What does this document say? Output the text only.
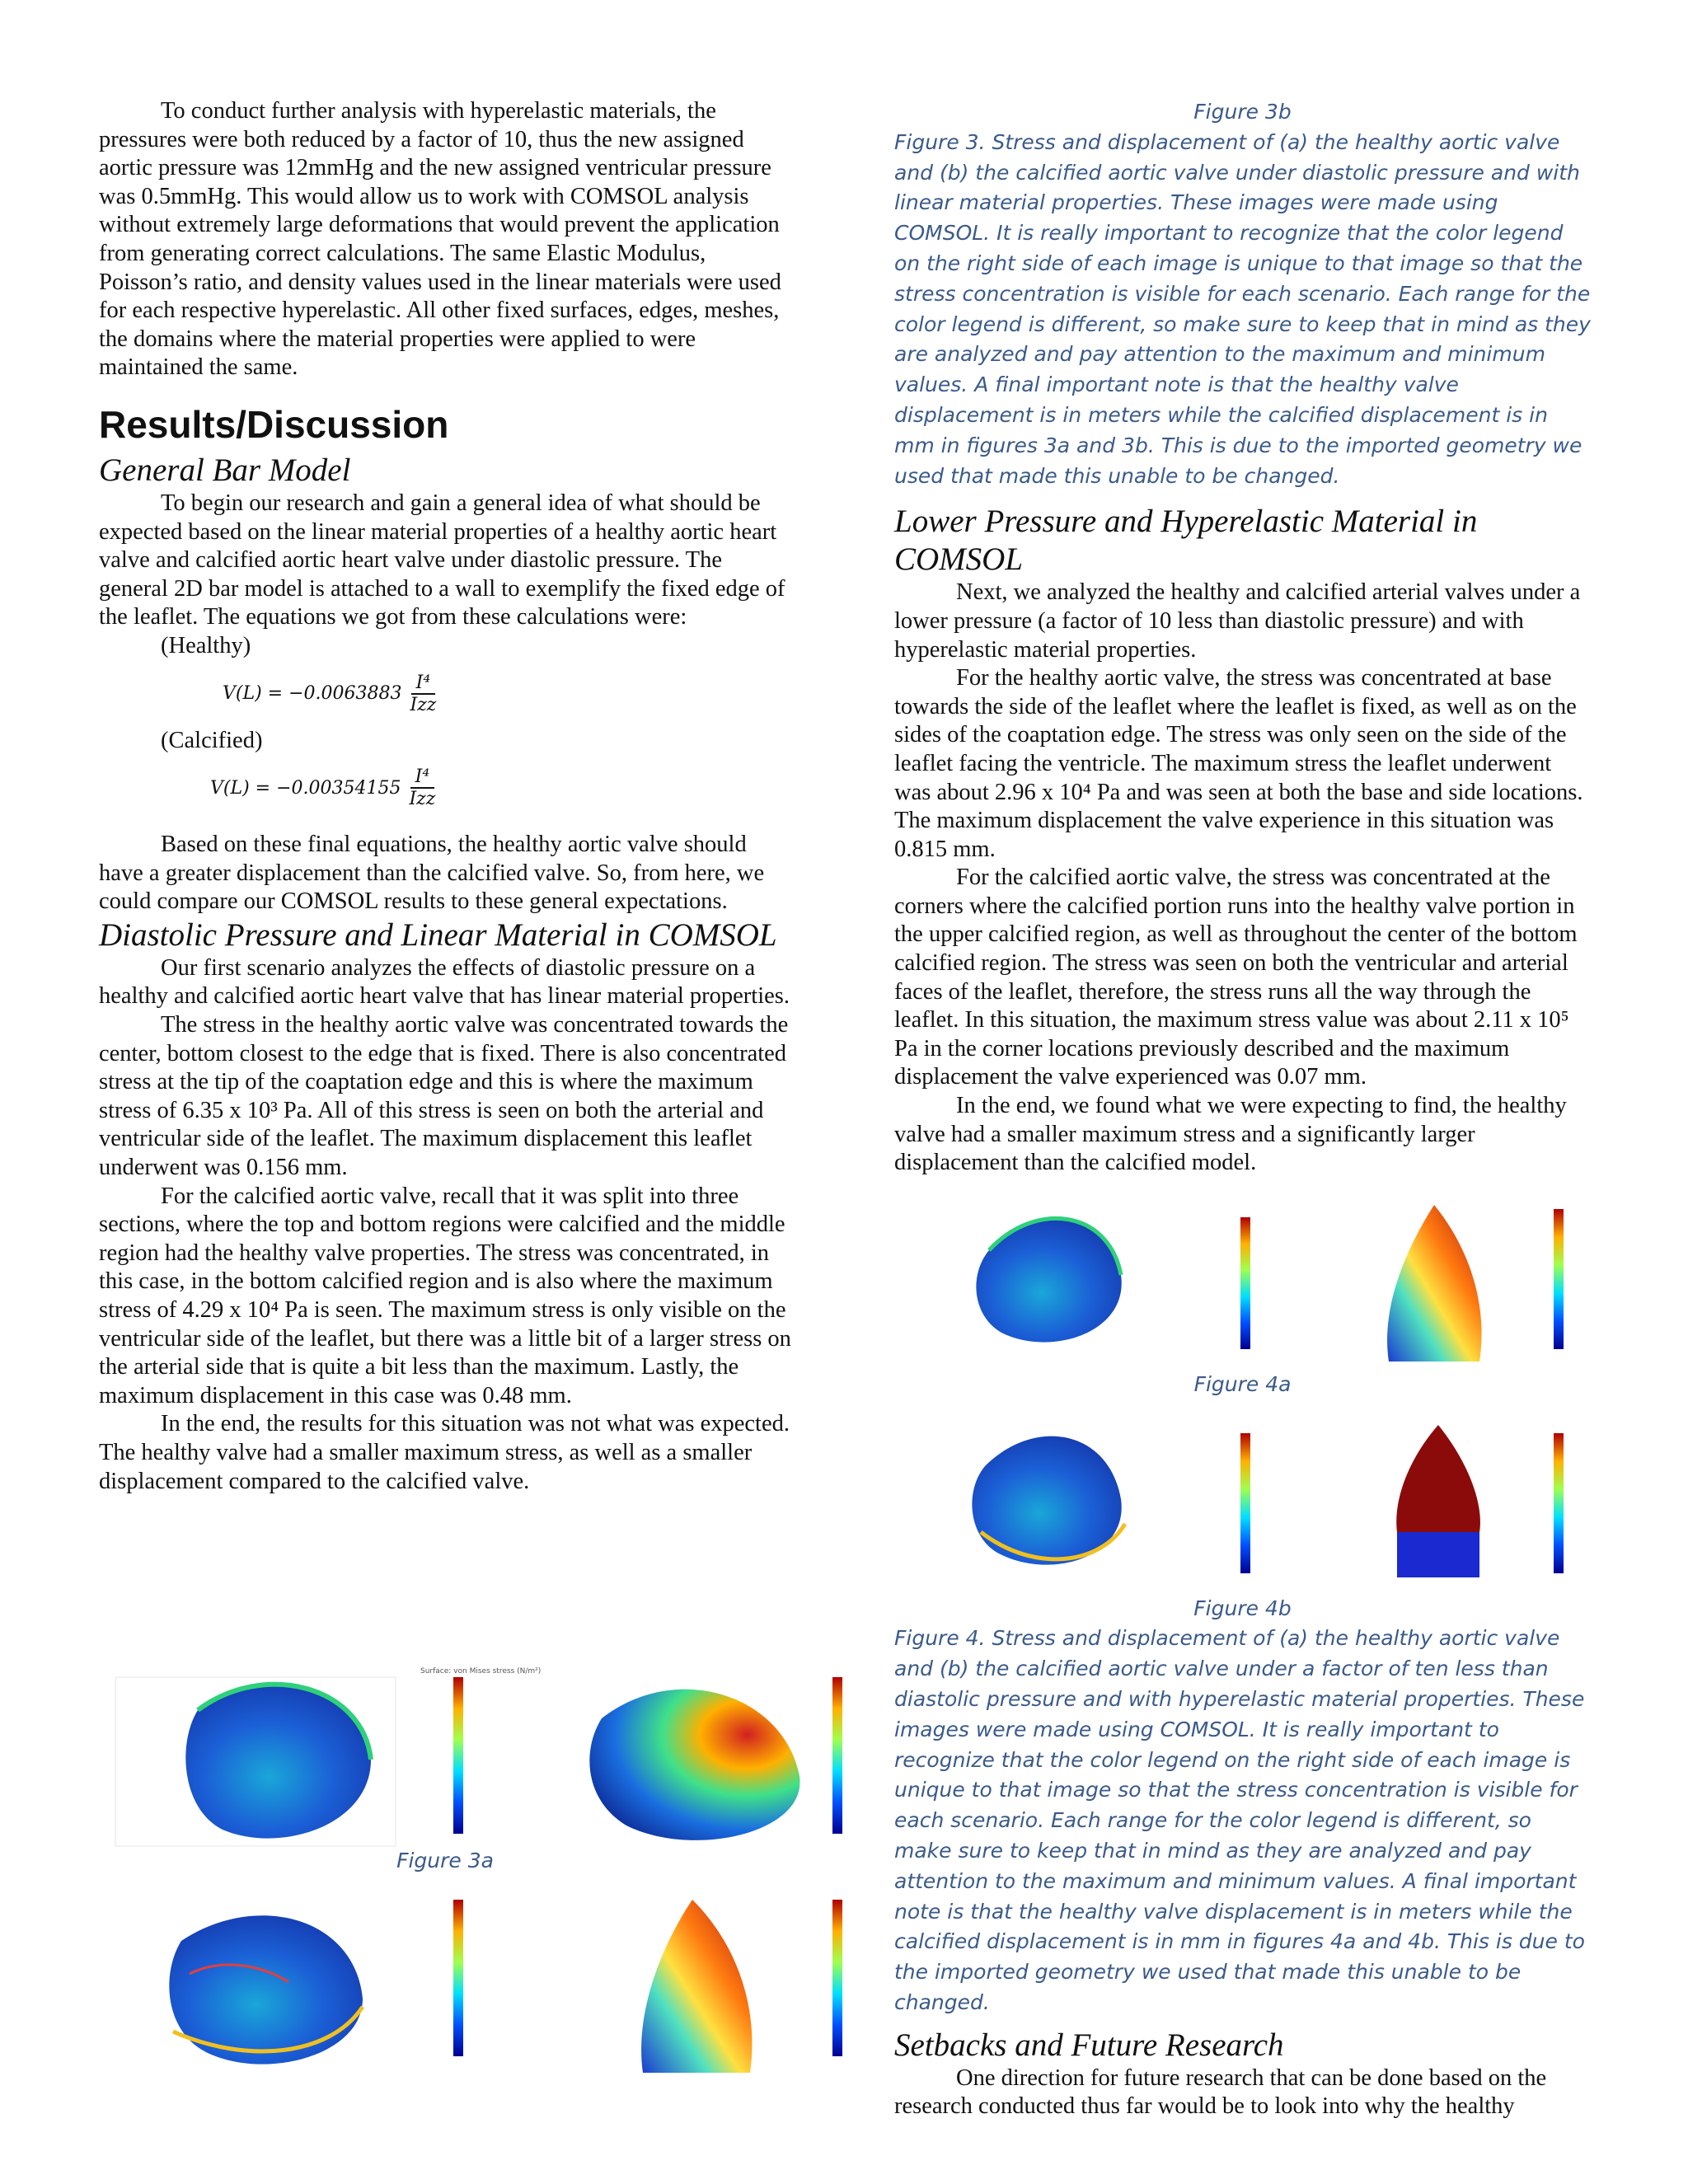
To conduct further analysis with hyperelastic materials, the pressures were both reduced by a factor of 10, thus the new assigned aortic pressure was 12mmHg and the new assigned ventricular pressure was 0.5mmHg. This would allow us to work with COMSOL analysis without extremely large deformations that would prevent the application from generating correct calculations. The same Elastic Modulus, Poisson’s ratio, and density values used in the linear materials were used for each respective hyperelastic. All other fixed surfaces, edges, meshes, the domains where the material properties were applied to were maintained the same.

Results/Discussion
General Bar Model

To begin our research and gain a general idea of what should be expected based on the linear material properties of a healthy aortic heart valve and calcified aortic heart valve under diastolic pressure. The general 2D bar model is attached to a wall to exemplify the fixed edge of the leaflet. The equations we got from these calculations were:

(Healthy)

$V(L) = -0.0063883 \frac{\text{I⁴}}{\text{Izz}}$

(Calcified)

$V(L) = -0.00354155 \frac{\text{I⁴}}{\text{Izz}}$

Based on these final equations, the healthy aortic valve should have a greater displacement than the calcified valve. So, from here, we could compare our COMSOL results to these general expectations.

Diastolic Pressure and Linear Material in COMSOL

Our first scenario analyzes the effects of diastolic pressure on a healthy and calcified aortic heart valve that has linear material properties.

The stress in the healthy aortic valve was concentrated towards the center, bottom closest to the edge that is fixed. There is also concentrated stress at the tip of the coaptation edge and this is where the maximum stress of 6.35 x 10³ Pa. All of this stress is seen on both the arterial and ventricular side of the leaflet. The maximum displacement this leaflet underwent was 0.156 mm.

For the calcified aortic valve, recall that it was split into three sections, where the top and bottom regions were calcified and the middle region had the healthy valve properties. The stress was concentrated, in this case, in the bottom calcified region and is also where the maximum stress of 4.29 x 10⁴ Pa is seen. The maximum stress is only visible on the ventricular side of the leaflet, but there was a little bit of a larger stress on the arterial side that is quite a bit less than the maximum. Lastly, the maximum displacement in this case was 0.48 mm.

In the end, the results for this situation was not what was expected. The healthy valve had a smaller maximum stress, as well as a smaller displacement compared to the calcified valve.

Surface: von Mises stress (N/m²)

Figure 3a

Figure 3b

Figure 3. Stress and displacement of (a) the healthy aortic valve and (b) the calcified aortic valve under diastolic pressure and with linear material properties. These images were made using COMSOL. It is really important to recognize that the color legend on the right side of each image is unique to that image so that the stress concentration is visible for each scenario. Each range for the color legend is different, so make sure to keep that in mind as they are analyzed and pay attention to the maximum and minimum values. A final important note is that the healthy valve displacement is in meters while the calcified displacement is in mm in figures 3a and 3b. This is due to the imported geometry we used that made this unable to be changed.

Lower Pressure and Hyperelastic Material in COMSOL

Next, we analyzed the healthy and calcified arterial valves under a lower pressure (a factor of 10 less than diastolic pressure) and with hyperelastic material properties.

For the healthy aortic valve, the stress was concentrated at base towards the side of the leaflet where the leaflet is fixed, as well as on the sides of the coaptation edge. The stress was only seen on the side of the leaflet facing the ventricle. The maximum stress the leaflet underwent was about 2.96 x 10⁴ Pa and was seen at both the base and side locations. The maximum displacement the valve experience in this situation was 0.815 mm.

For the calcified aortic valve, the stress was concentrated at the corners where the calcified portion runs into the healthy valve portion in the upper calcified region, as well as throughout the center of the bottom calcified region. The stress was seen on both the ventricular and arterial faces of the leaflet, therefore, the stress runs all the way through the leaflet. In this situation, the maximum stress value was about 2.11 x 10⁵ Pa in the corner locations previously described and the maximum displacement the valve experienced was 0.07 mm.

In the end, we found what we were expecting to find, the healthy valve had a smaller maximum stress and a significantly larger displacement than the calcified model.

Figure 4a

Figure 4b

Figure 4. Stress and displacement of (a) the healthy aortic valve and (b) the calcified aortic valve under a factor of ten less than diastolic pressure and with hyperelastic material properties. These images were made using COMSOL. It is really important to recognize that the color legend on the right side of each image is unique to that image so that the stress concentration is visible for each scenario. Each range for the color legend is different, so make sure to keep that in mind as they are analyzed and pay attention to the maximum and minimum values. A final important note is that the healthy valve displacement is in meters while the calcified displacement is in mm in figures 4a and 4b. This is due to the imported geometry we used that made this unable to be changed.

Setbacks and Future Research

One direction for future research that can be done based on the research conducted thus far would be to look into why the healthy
